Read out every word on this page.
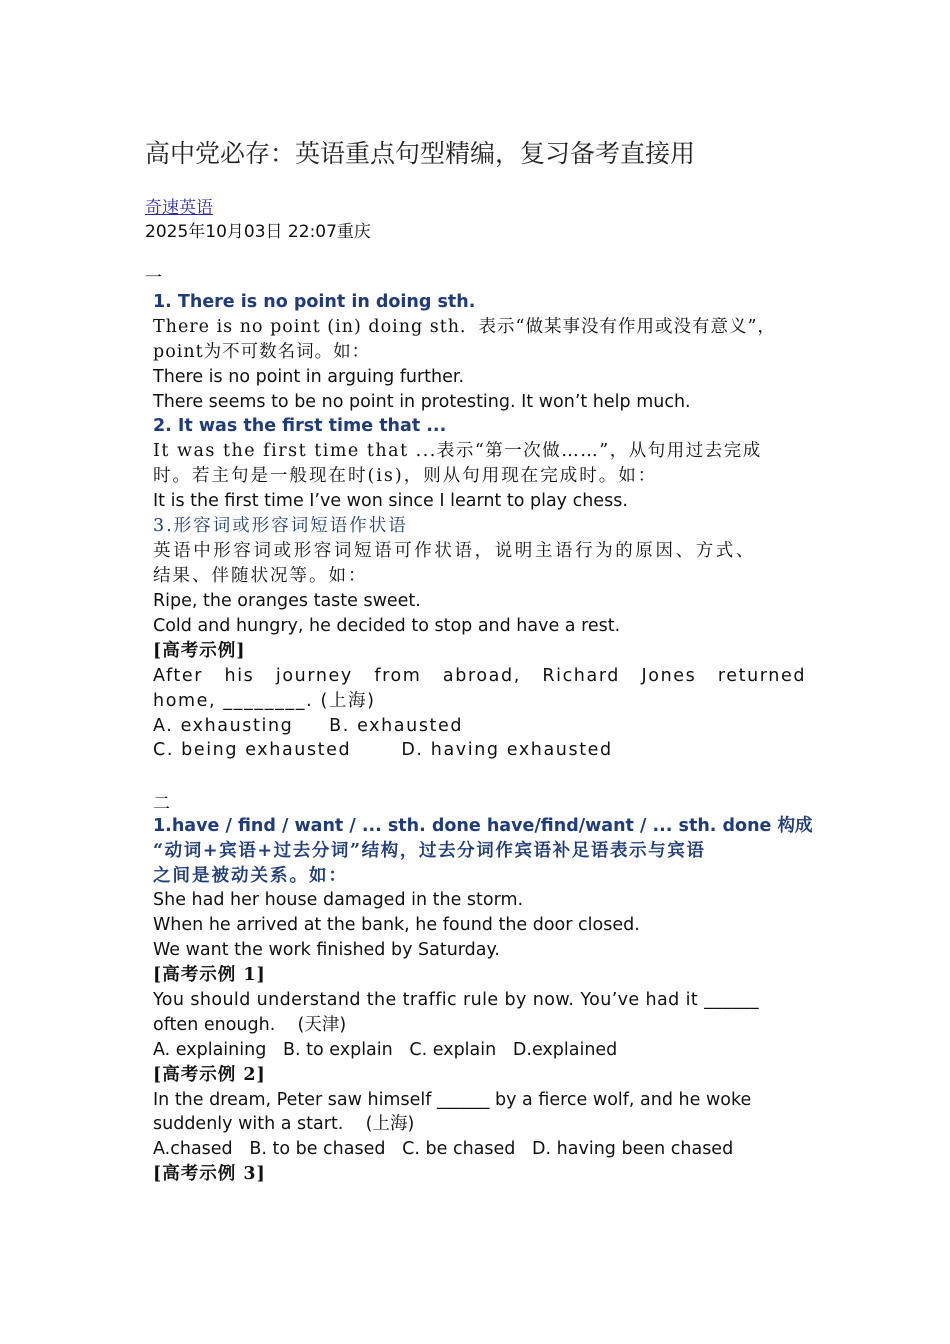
高中党必存：英语重点句型精编，复习备考直接用
奇速英语
2025年10月03日 22:07重庆
一
1. There is no point in doing sth.
There is no point (in) doing sth．表示“做某事没有作用或没有意义”，
point为不可数名词。如：
There is no point in arguing further.
There seems to be no point in protesting. It won’t help much.
2. It was the first time that ...
It was the first time that ...表示“第一次做……”，从句用过去完成
时。若主句是一般现在时(is)，则从句用现在完成时。如：
It is the first time I’ve won since I learnt to play chess.
3.形容词或形容词短语作状语
英语中形容词或形容词短语可作状语，说明主语行为的原因、方式、
结果、伴随状况等。如：
Ripe, the oranges taste sweet.
Cold and hungry, he decided to stop and have a rest.
[高考示例]
After   his   journey   from   abroad,   Richard   Jones   returned
home, ________. (上海)
A. exhausting     B. exhausted
C. being exhausted       D. having exhausted
二
1.have / find / want / ... sth. done have/find/want / ... sth. done 构成
“动词+宾语+过去分词”结构，过去分词作宾语补足语表示与宾语
之间是被动关系。如：
She had her house damaged in the storm.
When he arrived at the bank, he found the door closed.
We want the work finished by Saturday.
[高考示例 1]
You should understand the traffic rule by now. You’ve had it ______
often enough.    (天津)
A. explaining   B. to explain   C. explain   D.explained
[高考示例 2]
In the dream, Peter saw himself ______ by a fierce wolf, and he woke
suddenly with a start.    (上海)
A.chased   B. to be chased   C. be chased   D. having been chased
[高考示例 3]
